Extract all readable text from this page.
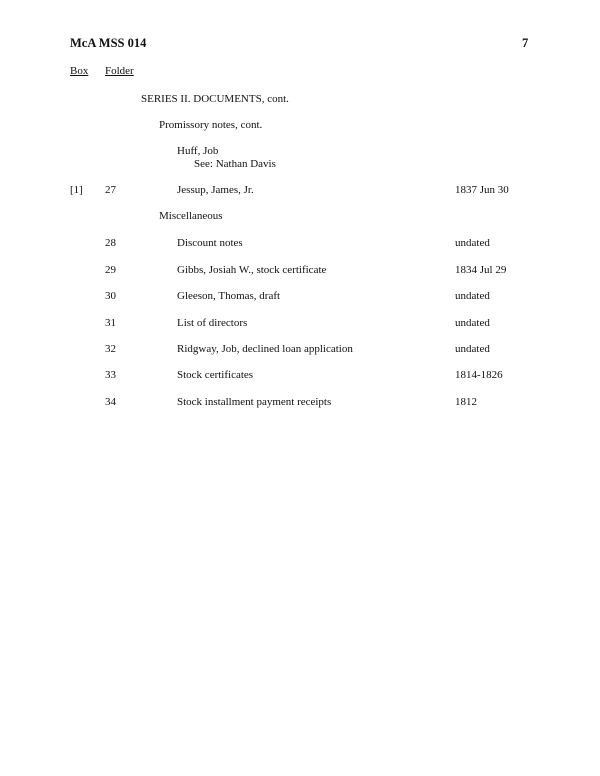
McA MSS 014	7
Box Folder
SERIES II. DOCUMENTS, cont.
Promissory notes, cont.
Huff, Job
See: Nathan Davis
[1] 27	Jessup, James, Jr.	1837 Jun 30
Miscellaneous
28	Discount notes	undated
29	Gibbs, Josiah W., stock certificate	1834 Jul 29
30	Gleeson, Thomas, draft	undated
31	List of directors	undated
32	Ridgway, Job, declined loan application	undated
33	Stock certificates	1814-1826
34	Stock installment payment receipts	1812
